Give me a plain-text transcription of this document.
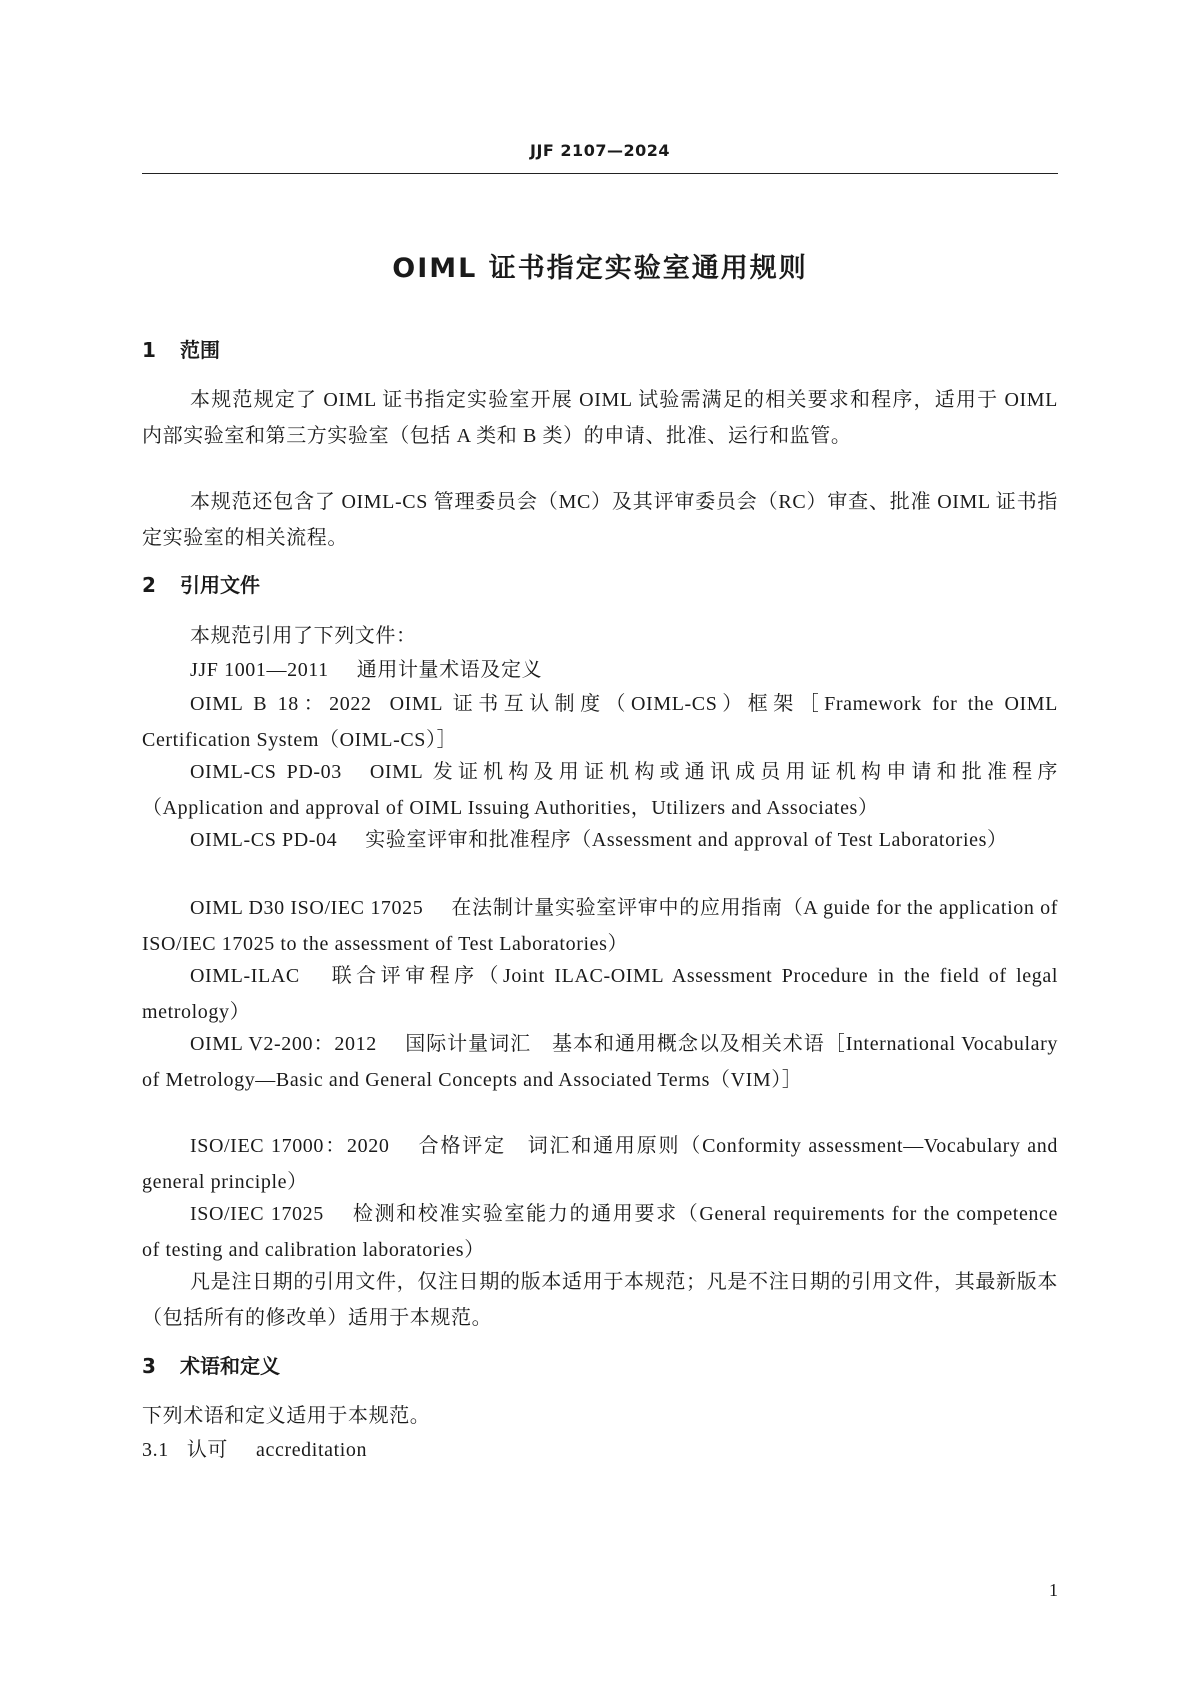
JJF 2107—2024
OIML 证书指定实验室通用规则
1 范围
本规范规定了 OIML 证书指定实验室开展 OIML 试验需满足的相关要求和程序，适用于 OIML 内部实验室和第三方实验室（包括 A 类和 B 类）的申请、批准、运行和监管。
本规范还包含了 OIML-CS 管理委员会（MC）及其评审委员会（RC）审查、批准 OIML 证书指定实验室的相关流程。
2 引用文件
本规范引用了下列文件：
JJF 1001—2011 通用计量术语及定义
OIML B 18：2022 OIML 证书互认制度（OIML-CS）框架［Framework for the OIML Certification System（OIML-CS）］
OIML-CS PD-03 OIML 发证机构及用证机构或通讯成员用证机构申请和批准程序（Application and approval of OIML Issuing Authorities，Utilizers and Associates）
OIML-CS PD-04 实验室评审和批准程序（Assessment and approval of Test Laboratories）
OIML D30 ISO/IEC 17025 在法制计量实验室评审中的应用指南（A guide for the application of ISO/IEC 17025 to the assessment of Test Laboratories）
OIML-ILAC 联合评审程序（Joint ILAC-OIML Assessment Procedure in the field of legal metrology）
OIML V2-200：2012 国际计量词汇　基本和通用概念以及相关术语［International Vocabulary of Metrology—Basic and General Concepts and Associated Terms（VIM）］
ISO/IEC 17000：2020 合格评定　词汇和通用原则（Conformity assessment—Vocabulary and general principle）
ISO/IEC 17025 检测和校准实验室能力的通用要求（General requirements for the competence of testing and calibration laboratories）
凡是注日期的引用文件，仅注日期的版本适用于本规范；凡是不注日期的引用文件，其最新版本（包括所有的修改单）适用于本规范。
3 术语和定义
下列术语和定义适用于本规范。
3.1 认可 accreditation
1
